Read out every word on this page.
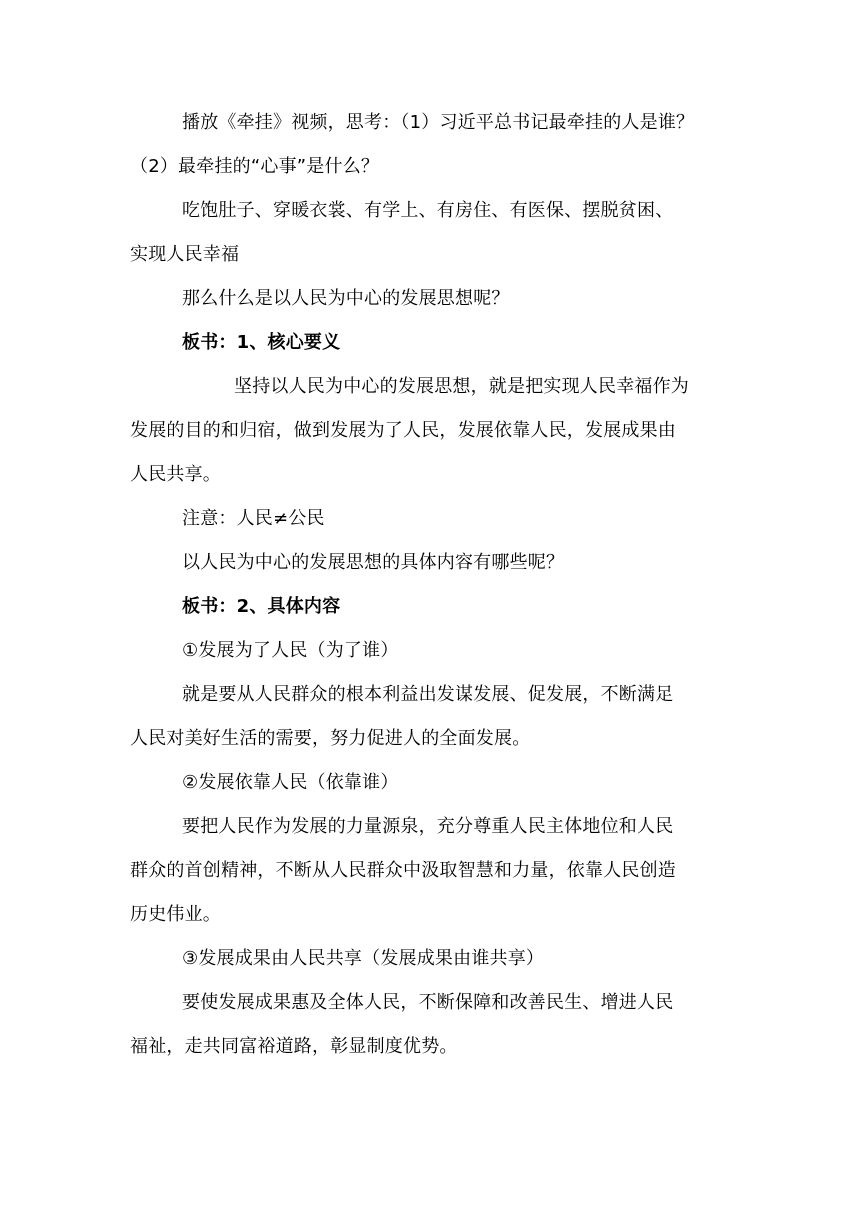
播放《牵挂》视频，思考：（1）习近平总书记最牵挂的人是谁？

（2）最牵挂的“心事”是什么？

吃饱肚子、穿暖衣裳、有学上、有房住、有医保、摆脱贫困、

实现人民幸福

那么什么是以人民为中心的发展思想呢？

板书：1、核心要义

坚持以人民为中心的发展思想，就是把实现人民幸福作为

发展的目的和归宿，做到发展为了人民，发展依靠人民，发展成果由

人民共享。

注意：人民≠公民

以人民为中心的发展思想的具体内容有哪些呢？

板书：2、具体内容

①发展为了人民（为了谁）

就是要从人民群众的根本利益出发谋发展、促发展，不断满足

人民对美好生活的需要，努力促进人的全面发展。

②发展依靠人民（依靠谁）

要把人民作为发展的力量源泉，充分尊重人民主体地位和人民

群众的首创精神，不断从人民群众中汲取智慧和力量，依靠人民创造

历史伟业。

③发展成果由人民共享（发展成果由谁共享）

要使发展成果惠及全体人民，不断保障和改善民生、增进人民

福祉，走共同富裕道路，彰显制度优势。
